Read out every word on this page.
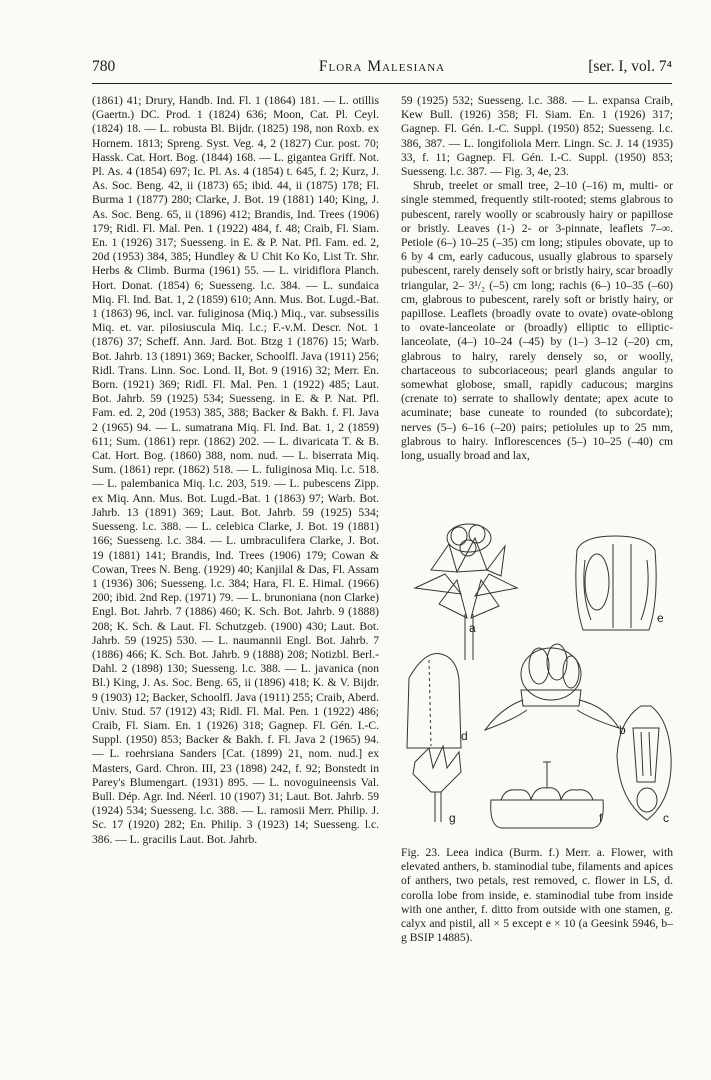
780	Flora Malesiana	[ser. I, vol. 7⁴

(1861) 41; Drury, Handb. Ind. Fl. 1 (1864) 181. — L. otillis (Gaertn.) DC. Prod. 1 (1824) 636; Moon, Cat. Pl. Ceyl. (1824) 18. — L. robusta Bl. Bijdr. (1825) 198, non Roxb. ex Hornem. 1813; Spreng. Syst. Veg. 4, 2 (1827) Cur. post. 70; Hassk. Cat. Hort. Bog. (1844) 168. — L. gigantea Griff. Not. Pl. As. 4 (1854) 697; Ic. Pl. As. 4 (1854) t. 645, f. 2; Kurz, J. As. Soc. Beng. 42, ii (1873) 65; ibid. 44, ii (1875) 178; Fl. Burma 1 (1877) 280; Clarke, J. Bot. 19 (1881) 140; King, J. As. Soc. Beng. 65, ii (1896) 412; Brandis, Ind. Trees (1906) 179; Ridl. Fl. Mal. Pen. 1 (1922) 484, f. 48; Craib, Fl. Siam. En. 1 (1926) 317; Suesseng. in E. & P. Nat. Pfl. Fam. ed. 2, 20d (1953) 384, 385; Hundley & U Chit Ko Ko, List Tr. Shr. Herbs & Climb. Burma (1961) 55. — L. viridiflora Planch. Hort. Donat. (1854) 6; Suesseng. l.c. 384. — L. sundaica Miq. Fl. Ind. Bat. 1, 2 (1859) 610; Ann. Mus. Bot. Lugd.-Bat. 1 (1863) 96, incl. var. fuliginosa (Miq.) Miq., var. subsessilis Miq. et. var. pilosiuscula Miq. l.c.; F.-v.M. Descr. Not. 1 (1876) 37; Scheff. Ann. Jard. Bot. Btzg 1 (1876) 15; Warb. Bot. Jahrb. 13 (1891) 369; Backer, Schoolfl. Java (1911) 256; Ridl. Trans. Linn. Soc. Lond. II, Bot. 9 (1916) 32; Merr. En. Born. (1921) 369; Ridl. Fl. Mal. Pen. 1 (1922) 485; Laut. Bot. Jahrb. 59 (1925) 534; Suesseng. in E. & P. Nat. Pfl. Fam. ed. 2, 20d (1953) 385, 388; Backer & Bakh. f. Fl. Java 2 (1965) 94. — L. sumatrana Miq. Fl. Ind. Bat. 1, 2 (1859) 611; Sum. (1861) repr. (1862) 202. — L. divaricata T. & B. Cat. Hort. Bog. (1860) 388, nom. nud. — L. biserrata Miq. Sum. (1861) repr. (1862) 518. — L. fuliginosa Miq. l.c. 518. — L. palembanica Miq. l.c. 203, 519. — L. pubescens Zipp. ex Miq. Ann. Mus. Bot. Lugd.-Bat. 1 (1863) 97; Warb. Bot. Jahrb. 13 (1891) 369; Laut. Bot. Jahrb. 59 (1925) 534; Suesseng. l.c. 388. — L. celebica Clarke, J. Bot. 19 (1881) 166; Suesseng. l.c. 384. — L. umbraculifera Clarke, J. Bot. 19 (1881) 141; Brandis, Ind. Trees (1906) 179; Cowan & Cowan, Trees N. Beng. (1929) 40; Kanjilal & Das, Fl. Assam 1 (1936) 306; Suesseng. l.c. 384; Hara, Fl. E. Himal. (1966) 200; ibid. 2nd Rep. (1971) 79. — L. brunoniana (non Clarke) Engl. Bot. Jahrb. 7 (1886) 460; K. Sch. Bot. Jahrb. 9 (1888) 208; K. Sch. & Laut. Fl. Schutzgeb. (1900) 430; Laut. Bot. Jahrb. 59 (1925) 530. — L. naumannii Engl. Bot. Jahrb. 7 (1886) 466; K. Sch. Bot. Jahrb. 9 (1888) 208; Notizbl. Berl.-Dahl. 2 (1898) 130; Suesseng. l.c. 388. — L. javanica (non Bl.) King, J. As. Soc. Beng. 65, ii (1896) 418; K. & V. Bijdr. 9 (1903) 12; Backer, Schoolfl. Java (1911) 255; Craib, Aberd. Univ. Stud. 57 (1912) 43; Ridl. Fl. Mal. Pen. 1 (1922) 486; Craib, Fl. Siam. En. 1 (1926) 318; Gagnep. Fl. Gén. I.-C. Suppl. (1950) 853; Backer & Bakh. f. Fl. Java 2 (1965) 94. — L. roehrsiana Sanders [Cat. (1899) 21, nom. nud.] ex Masters, Gard. Chron. III, 23 (1898) 242, f. 92; Bonstedt in Parey's Blumengart. (1931) 895. — L. novoguineensis Val. Bull. Dép. Agr. Ind. Néerl. 10 (1907) 31; Laut. Bot. Jahrb. 59 (1924) 534; Suesseng. l.c. 388. — L. ramosii Merr. Philip. J. Sc. 17 (1920) 282; En. Philip. 3 (1923) 14; Suesseng. l.c. 386. — L. gracilis Laut. Bot. Jahrb.

59 (1925) 532; Suesseng. l.c. 388. — L. expansa Craib, Kew Bull. (1926) 358; Fl. Siam. En. 1 (1926) 317; Gagnep. Fl. Gén. I.-C. Suppl. (1950) 852; Suesseng. l.c. 386, 387. — L. longifoliola Merr. Lingn. Sc. J. 14 (1935) 33, f. 11; Gagnep. Fl. Gén. I.-C. Suppl. (1950) 853; Suesseng. l.c. 387. — Fig. 3, 4e, 23.

Shrub, treelet or small tree, 2–10 (–16) m, multi- or single stemmed, frequently stilt-rooted; stems glabrous to pubescent, rarely woolly or scabrously hairy or papillose or bristly. Leaves (1-) 2- or 3-pinnate, leaflets 7–∞. Petiole (6–) 10–25 (–35) cm long; stipules obovate, up to 6 by 4 cm, early caducous, usually glabrous to sparsely pubescent, rarely densely soft or bristly hairy, scar broadly triangular, 2– 3¹/₂ (–5) cm long; rachis (6–) 10–35 (–60) cm, glabrous to pubescent, rarely soft or bristly hairy, or papillose. Leaflets (broadly ovate to ovate) ovate-oblong to ovate-lanceolate or (broadly) elliptic to elliptic-lanceolate, (4–) 10–24 (–45) by (1–) 3–12 (–20) cm, glabrous to hairy, rarely densely so, or woolly, chartaceous to subcoriaceous; pearl glands angular to somewhat globose, small, rapidly caducous; margins (crenate to) serrate to shallowly dentate; apex acute to acuminate; base cuneate to rounded (to subcordate); nerves (5–) 6–16 (–20) pairs; petiolules up to 25 mm, glabrous to hairy. Inflorescences (5–) 10–25 (–40) cm long, usually broad and lax,

a
b
c
d
e
f
g
Fig. 23. Leea indica (Burm. f.) Merr. a. Flower, with elevated anthers, b. staminodial tube, filaments and apices of anthers, two petals, rest removed, c. flower in LS, d. corolla lobe from inside, e. staminodial tube from inside with one anther, f. ditto from outside with one stamen, g. calyx and pistil, all × 5 except e × 10 (a Geesink 5946, b–g BSIP 14885).
